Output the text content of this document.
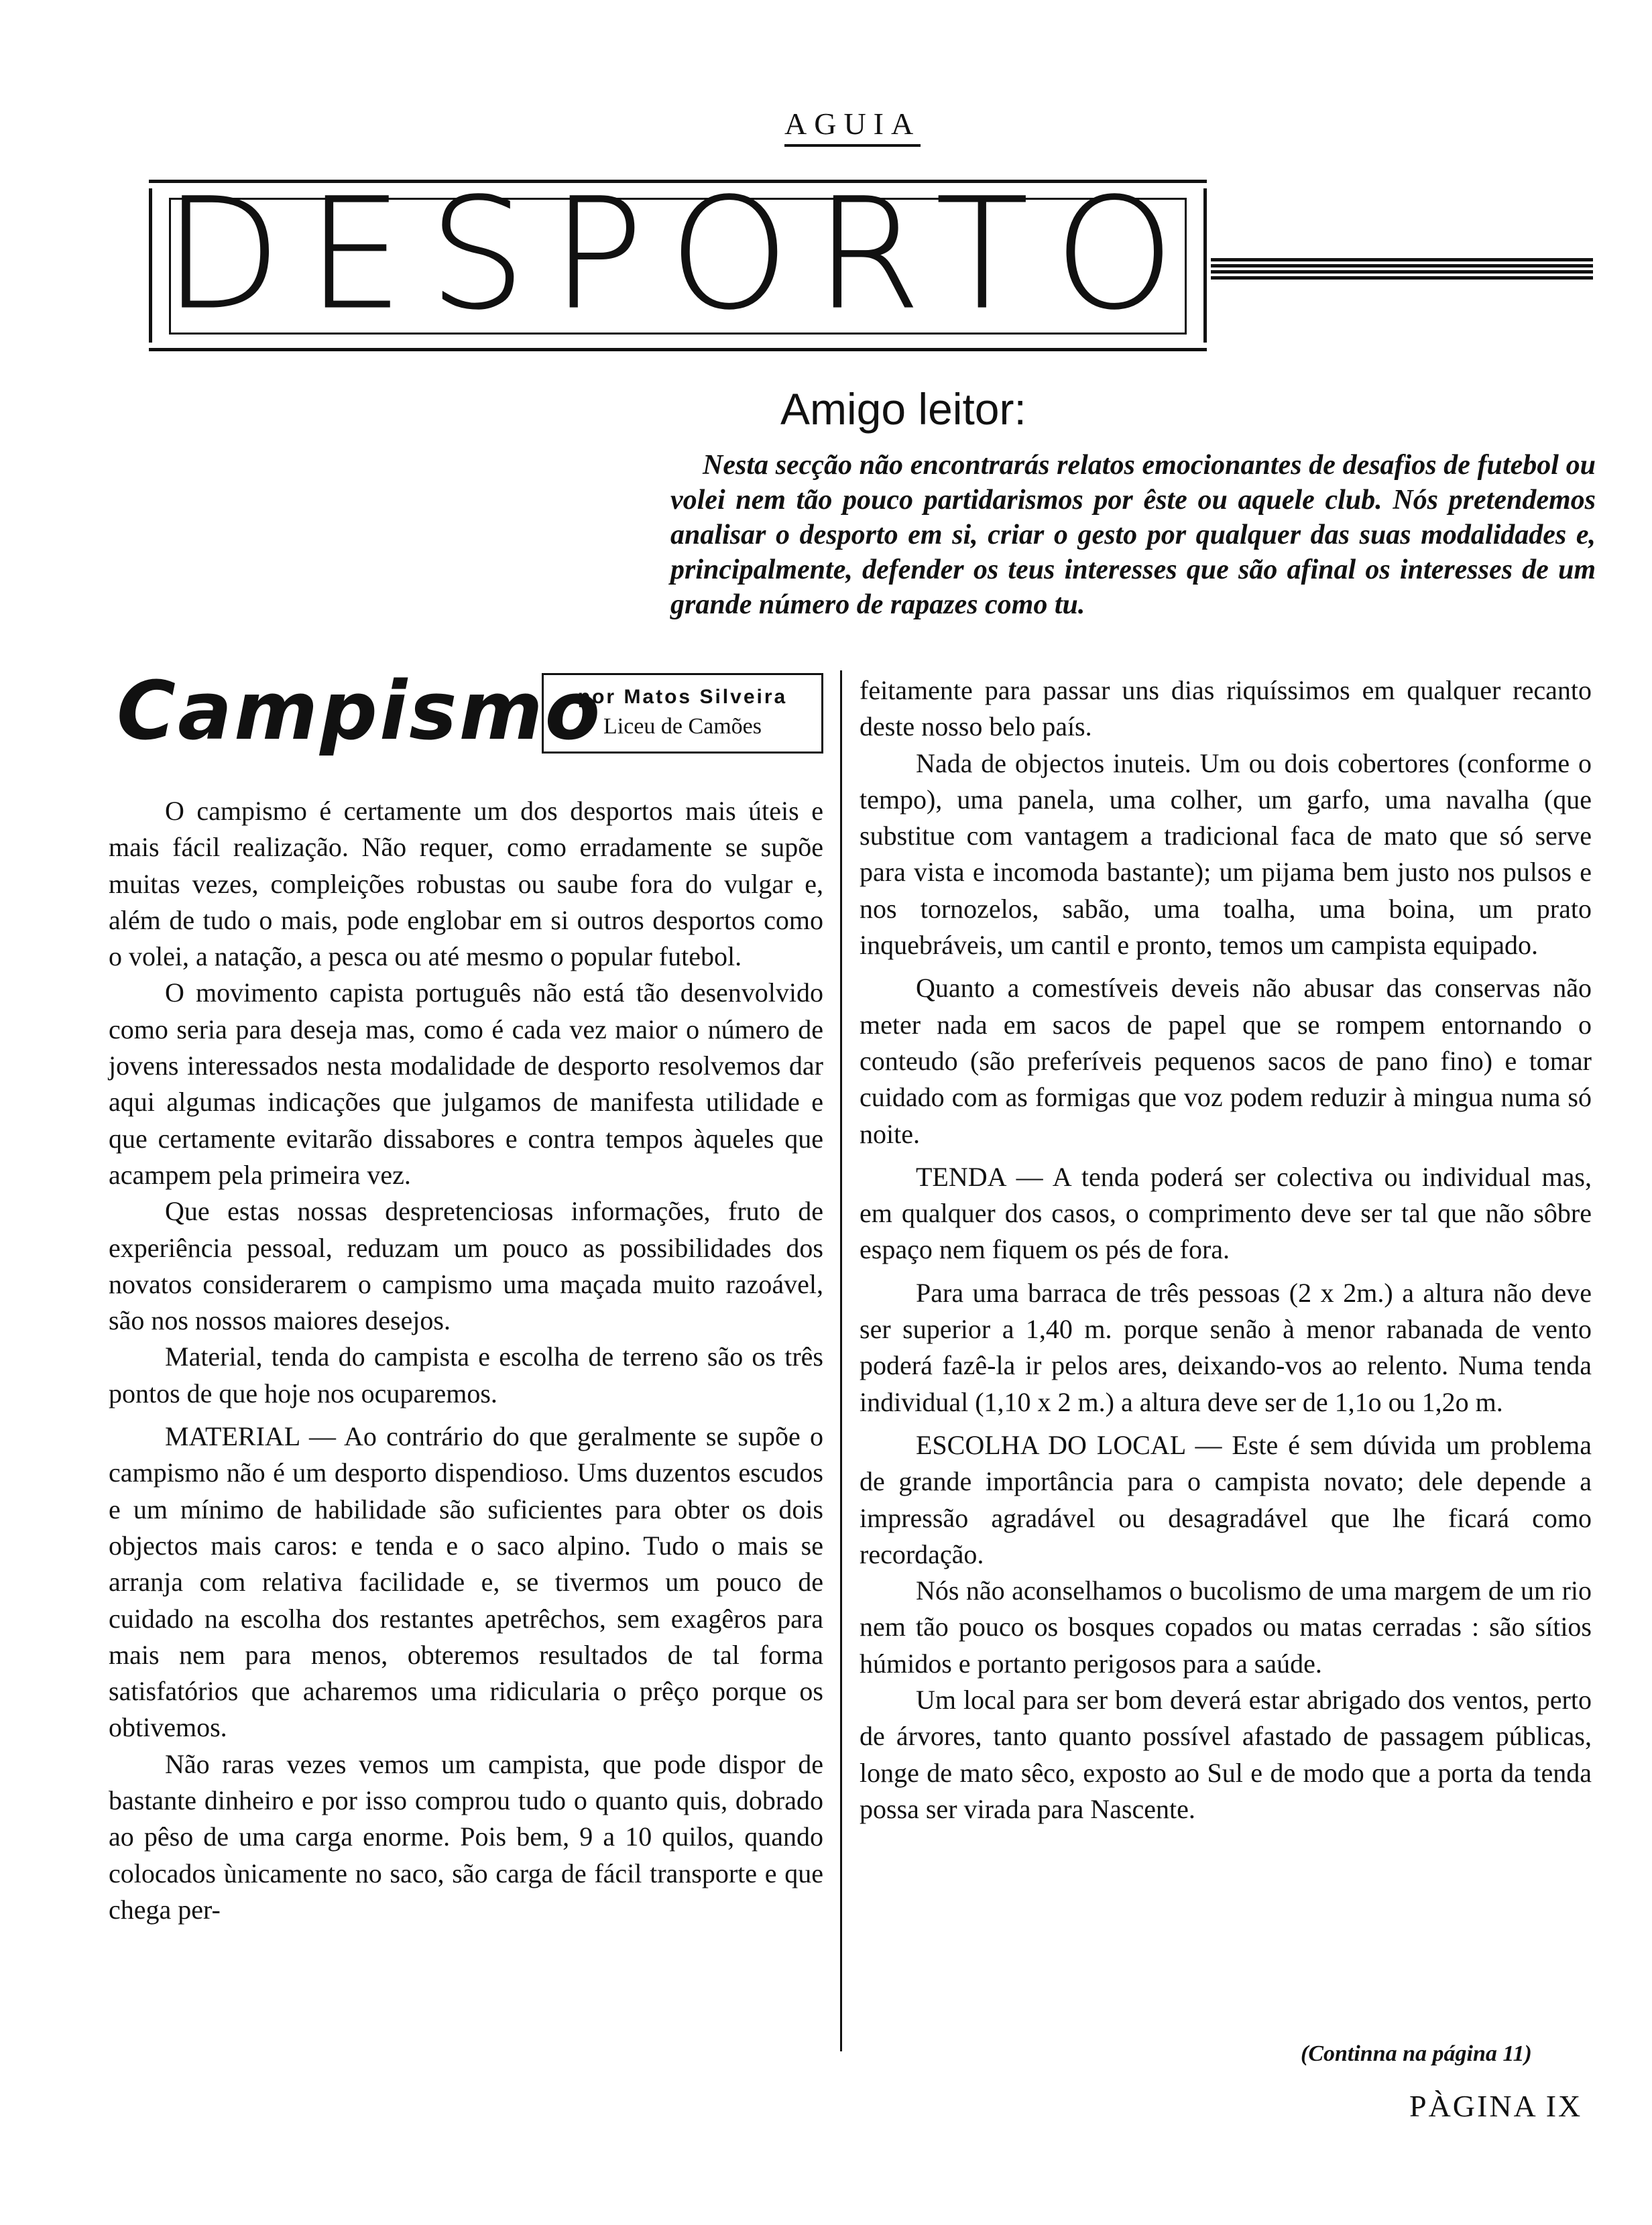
AGUIA
DESPORTO
Amigo leitor:

Nesta secção não encontrarás relatos emocionantes de desafios de futebol ou volei nem tão pouco partidarismos por êste ou aquele club. Nós pretendemos analisar o desporto em si, criar o gesto por qualquer das suas modalidades e, principalmente, defender os teus interesses que são afinal os interesses de um grande número de rapazes como tu.

Campismo
por Matos Silveira
Liceu de Camões

O campismo é certamente um dos desportos mais úteis e mais fácil realização. Não requer, como erradamente se supõe muitas vezes, compleições robustas ou saube fora do vulgar e, além de tudo o mais, pode englobar em si outros desportos como o volei, a natação, a pesca ou até mesmo o popular futebol.

O movimento capista português não está tão desenvolvido como seria para deseja mas, como é cada vez maior o número de jovens interessados nesta modalidade de desporto resolvemos dar aqui algumas indicações que julgamos de manifesta utilidade e que certamente evitarão dissabores e contra tempos àqueles que acampem pela primeira vez.

Que estas nossas despretenciosas informações, fruto de experiência pessoal, reduzam um pouco as possibilidades dos novatos considerarem o campismo uma maçada muito razoável, são nos nossos maiores desejos.

Material, tenda do campista e escolha de terreno são os três pontos de que hoje nos ocuparemos.

MATERIAL — Ao contrário do que geralmente se supõe o campismo não é um desporto dispendioso. Ums duzentos escudos e um mínimo de habilidade são suficientes para obter os dois objectos mais caros: e tenda e o saco alpino. Tudo o mais se arranja com relativa facilidade e, se tivermos um pouco de cuidado na escolha dos restantes apetrêchos, sem exagêros para mais nem para menos, obteremos resultados de tal forma satisfatórios que acharemos uma ridicularia o prêço porque os obtivemos.

Não raras vezes vemos um campista, que pode dispor de bastante dinheiro e por isso comprou tudo o quanto quis, dobrado ao pêso de uma carga enorme. Pois bem, 9 a 10 quilos, quando colocados ùnicamente no saco, são carga de fácil transporte e que chega per-

feitamente para passar uns dias riquíssimos em qualquer recanto deste nosso belo país.

Nada de objectos inuteis. Um ou dois cobertores (conforme o tempo), uma panela, uma colher, um garfo, uma navalha (que substitue com vantagem a tradicional faca de mato que só serve para vista e incomoda bastante); um pijama bem justo nos pulsos e nos tornozelos, sabão, uma toalha, uma boina, um prato inquebráveis, um cantil e pronto, temos um campista equipado.

Quanto a comestíveis deveis não abusar das conservas não meter nada em sacos de papel que se rompem entornando o conteudo (são preferíveis pequenos sacos de pano fino) e tomar cuidado com as formigas que voz podem reduzir à mingua numa só noite.

TENDA — A tenda poderá ser colectiva ou individual mas, em qualquer dos casos, o comprimento deve ser tal que não sôbre espaço nem fiquem os pés de fora.

Para uma barraca de três pessoas (2 x 2m.) a altura não deve ser superior a 1,40 m. porque senão à menor rabanada de vento poderá fazê-la ir pelos ares, deixando-vos ao relento. Numa tenda individual (1,10 x 2 m.) a altura deve ser de 1,1o ou 1,2o m.

ESCOLHA DO LOCAL — Este é sem dúvida um problema de grande importância para o campista novato; dele depende a impressão agradável ou desagradável que lhe ficará como recordação.

Nós não aconselhamos o bucolismo de uma margem de um rio nem tão pouco os bosques copados ou matas cerradas : são sítios húmidos e portanto perigosos para a saúde.

Um local para ser bom deverá estar abrigado dos ventos, perto de árvores, tanto quanto possível afastado de passagem públicas, longe de mato sêco, exposto ao Sul e de modo que a porta da tenda possa ser virada para Nascente.

(Continna na página 11)
PÀGINA IX
